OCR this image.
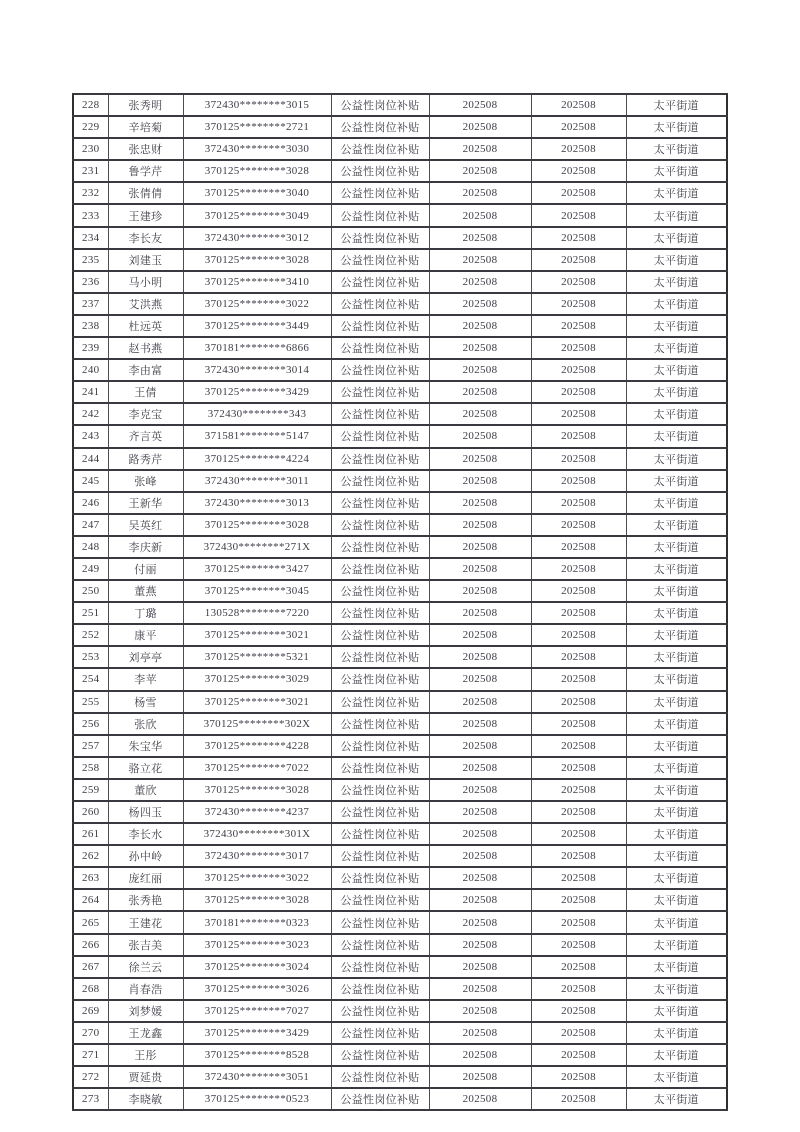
228	张秀明	372430********3015	公益性岗位补贴	202508	202508	太平街道
229	辛培菊	370125********2721	公益性岗位补贴	202508	202508	太平街道
230	张忠财	372430********3030	公益性岗位补贴	202508	202508	太平街道
231	鲁学芹	370125********3028	公益性岗位补贴	202508	202508	太平街道
232	张倩倩	370125********3040	公益性岗位补贴	202508	202508	太平街道
233	王建珍	370125********3049	公益性岗位补贴	202508	202508	太平街道
234	李长友	372430********3012	公益性岗位补贴	202508	202508	太平街道
235	刘建玉	370125********3028	公益性岗位补贴	202508	202508	太平街道
236	马小明	370125********3410	公益性岗位补贴	202508	202508	太平街道
237	艾洪燕	370125********3022	公益性岗位补贴	202508	202508	太平街道
238	杜远英	370125********3449	公益性岗位补贴	202508	202508	太平街道
239	赵书燕	370181********6866	公益性岗位补贴	202508	202508	太平街道
240	李由富	372430********3014	公益性岗位补贴	202508	202508	太平街道
241	王倩	370125********3429	公益性岗位补贴	202508	202508	太平街道
242	李克宝	372430********343	公益性岗位补贴	202508	202508	太平街道
243	齐言英	371581********5147	公益性岗位补贴	202508	202508	太平街道
244	路秀芹	370125********4224	公益性岗位补贴	202508	202508	太平街道
245	张峰	372430********3011	公益性岗位补贴	202508	202508	太平街道
246	王新华	372430********3013	公益性岗位补贴	202508	202508	太平街道
247	吴英红	370125********3028	公益性岗位补贴	202508	202508	太平街道
248	李庆新	372430********271X	公益性岗位补贴	202508	202508	太平街道
249	付丽	370125********3427	公益性岗位补贴	202508	202508	太平街道
250	董燕	370125********3045	公益性岗位补贴	202508	202508	太平街道
251	丁璐	130528********7220	公益性岗位补贴	202508	202508	太平街道
252	康平	370125********3021	公益性岗位补贴	202508	202508	太平街道
253	刘亭亭	370125********5321	公益性岗位补贴	202508	202508	太平街道
254	李苹	370125********3029	公益性岗位补贴	202508	202508	太平街道
255	杨雪	370125********3021	公益性岗位补贴	202508	202508	太平街道
256	张欣	370125********302X	公益性岗位补贴	202508	202508	太平街道
257	朱宝华	370125********4228	公益性岗位补贴	202508	202508	太平街道
258	骆立花	370125********7022	公益性岗位补贴	202508	202508	太平街道
259	董欣	370125********3028	公益性岗位补贴	202508	202508	太平街道
260	杨四玉	372430********4237	公益性岗位补贴	202508	202508	太平街道
261	李长水	372430********301X	公益性岗位补贴	202508	202508	太平街道
262	孙中岭	372430********3017	公益性岗位补贴	202508	202508	太平街道
263	庞红丽	370125********3022	公益性岗位补贴	202508	202508	太平街道
264	张秀艳	370125********3028	公益性岗位补贴	202508	202508	太平街道
265	王建花	370181********0323	公益性岗位补贴	202508	202508	太平街道
266	张吉美	370125********3023	公益性岗位补贴	202508	202508	太平街道
267	徐兰云	370125********3024	公益性岗位补贴	202508	202508	太平街道
268	肖春浩	370125********3026	公益性岗位补贴	202508	202508	太平街道
269	刘梦媛	370125********7027	公益性岗位补贴	202508	202508	太平街道
270	王龙鑫	370125********3429	公益性岗位补贴	202508	202508	太平街道
271	王彤	370125********8528	公益性岗位补贴	202508	202508	太平街道
272	贾延贵	372430********3051	公益性岗位补贴	202508	202508	太平街道
273	李晓敏	370125********0523	公益性岗位补贴	202508	202508	太平街道
